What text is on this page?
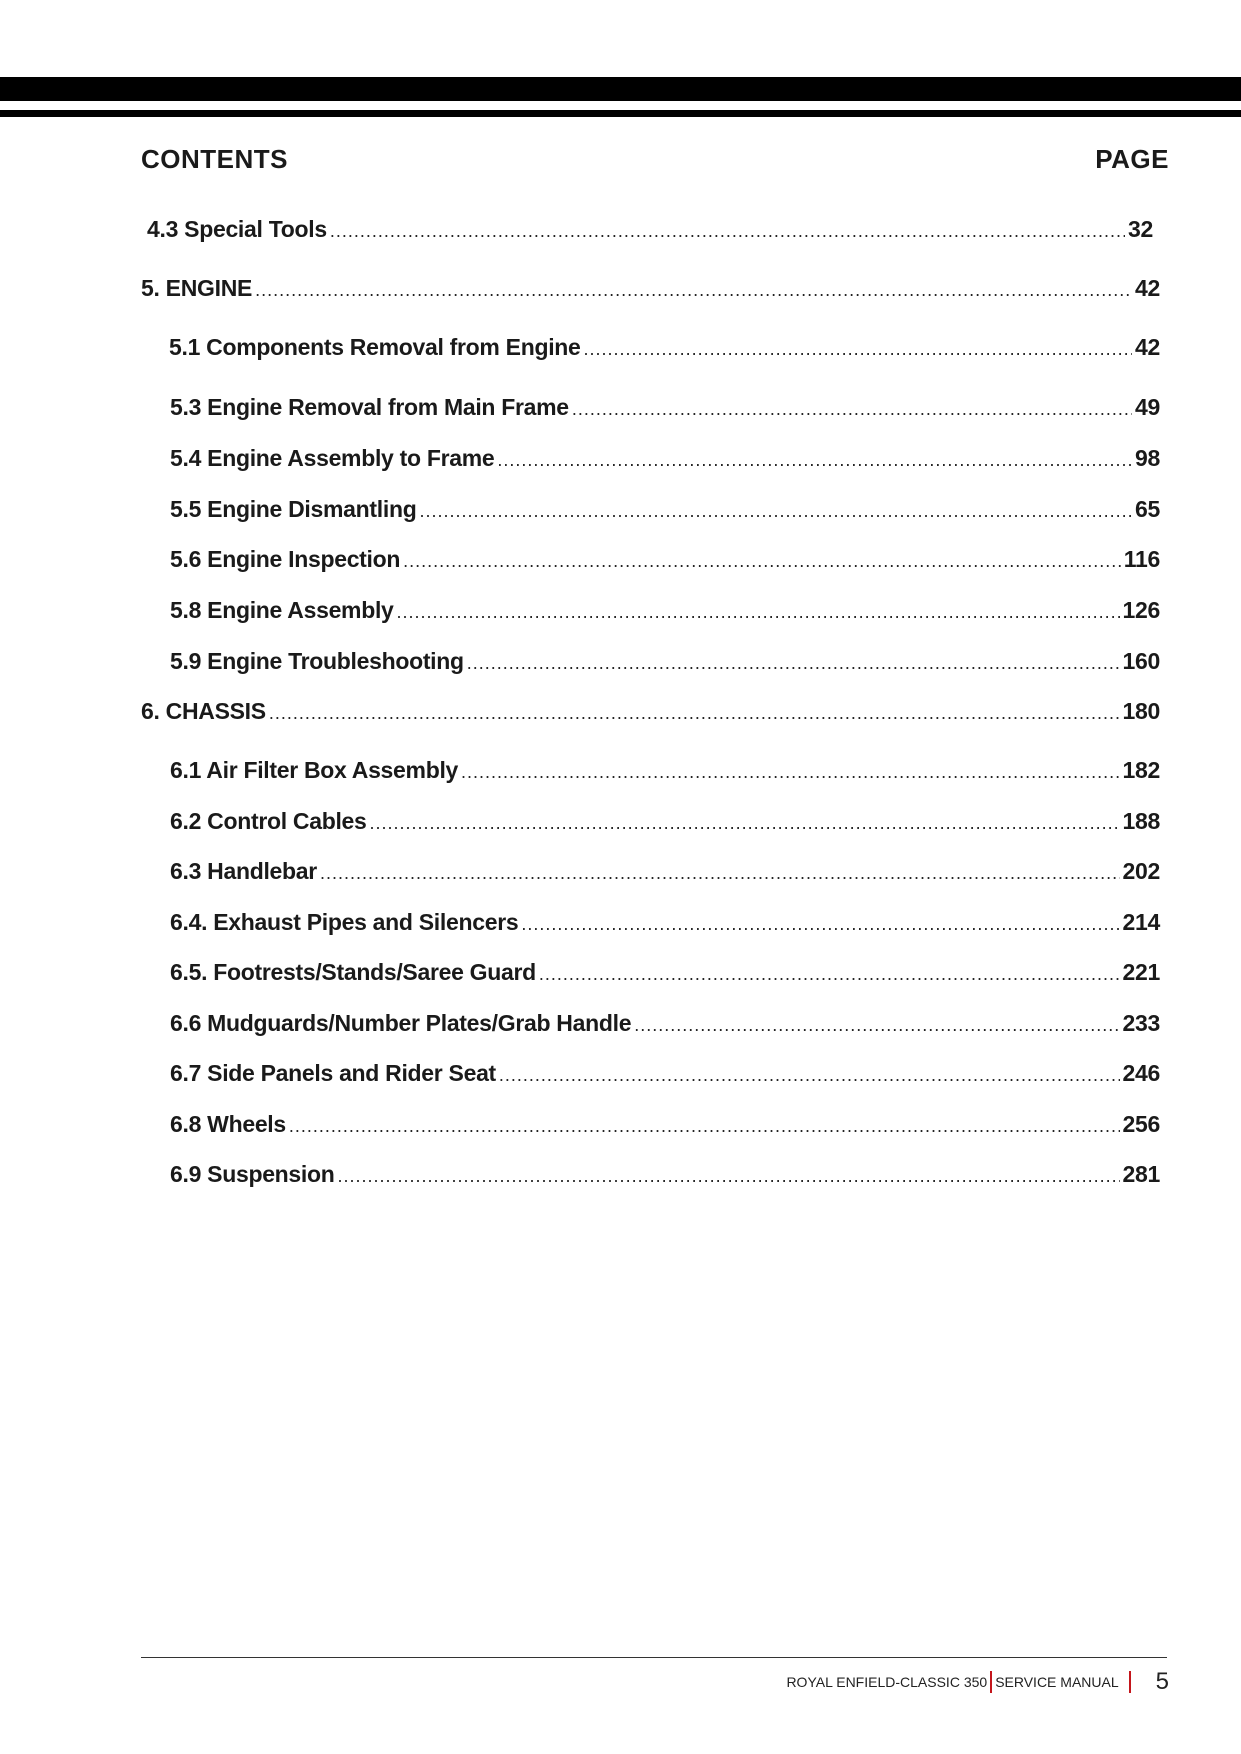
CONTENTS	PAGE
4.3 Special Tools .....	32
5. ENGINE .....	42
5.1 Components Removal from Engine .....	42
5.3 Engine Removal from Main Frame .....	49
5.4 Engine Assembly to Frame .....	98
5.5 Engine Dismantling .....	65
5.6 Engine Inspection .....	116
5.8 Engine Assembly .....	126
5.9 Engine Troubleshooting .....	160
6. CHASSIS .....	180
6.1 Air Filter Box Assembly .....	182
6.2 Control Cables .....	188
6.3 Handlebar .....	202
6.4. Exhaust Pipes and Silencers .....	214
6.5. Footrests/Stands/Saree Guard .....	221
6.6 Mudguards/Number Plates/Grab Handle .....	233
6.7 Side Panels and Rider Seat .....	246
6.8 Wheels .....	256
6.9 Suspension .....	281
ROYAL ENFIELD-CLASSIC 350 SERVICE MANUAL 5
